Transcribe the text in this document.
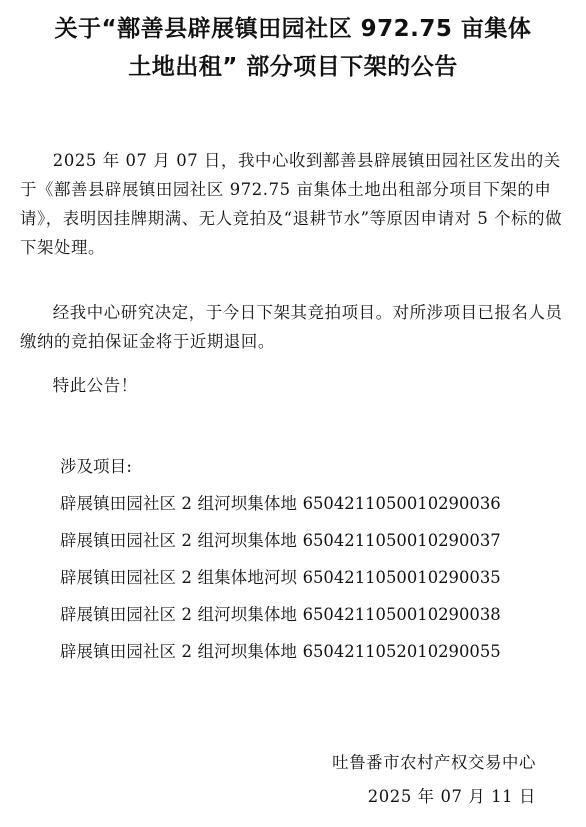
关于“鄯善县辟展镇田园社区 972.75 亩集体
土地出租” 部分项目下架的公告

2025 年 07 月 07 日，我中心收到鄯善县辟展镇田园社区发出的关于《鄯善县辟展镇田园社区 972.75 亩集体土地出租部分项目下架的申请》，表明因挂牌期满、无人竞拍及“退耕节水”等原因申请对 5 个标的做下架处理。

经我中心研究决定，于今日下架其竞拍项目。对所涉项目已报名人员缴纳的竞拍保证金将于近期退回。

特此公告！

涉及项目:
辟展镇田园社区 2 组河坝集体地 6504211050010290036
辟展镇田园社区 2 组河坝集体地 6504211050010290037
辟展镇田园社区 2 组集体地河坝 6504211050010290035
辟展镇田园社区 2 组河坝集体地 6504211050010290038
辟展镇田园社区 2 组河坝集体地 6504211052010290055
吐鲁番市农村产权交易中心
2025 年 07 月 11 日
